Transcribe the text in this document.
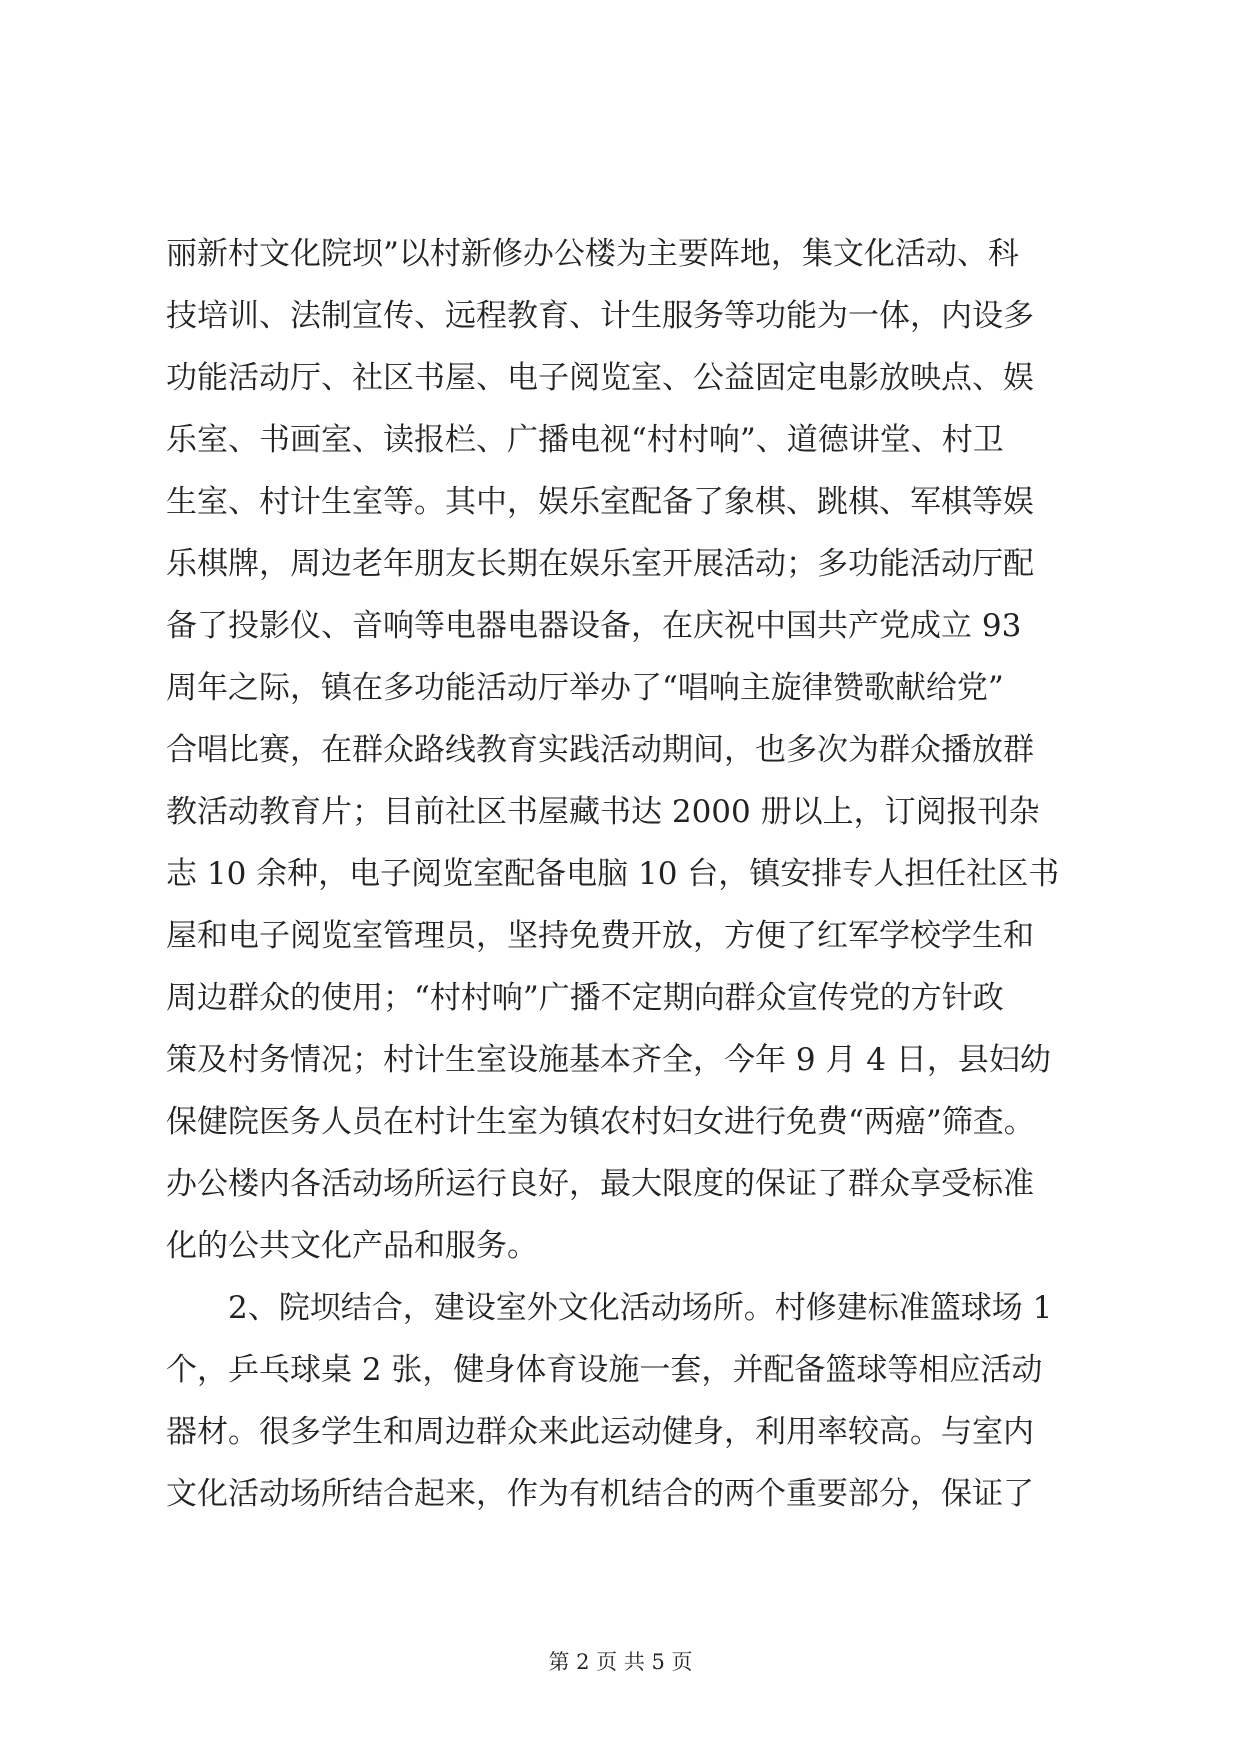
丽新村文化院坝”以村新修办公楼为主要阵地，集文化活动、科
技培训、法制宣传、远程教育、计生服务等功能为一体，内设多
功能活动厅、社区书屋、电子阅览室、公益固定电影放映点、娱
乐室、书画室、读报栏、广播电视“村村响”、道德讲堂、村卫
生室、村计生室等。其中，娱乐室配备了象棋、跳棋、军棋等娱
乐棋牌，周边老年朋友长期在娱乐室开展活动；多功能活动厅配
备了投影仪、音响等电器电器设备，在庆祝中国共产党成立 93
周年之际，镇在多功能活动厅举办了“唱响主旋律赞歌献给党”
合唱比赛，在群众路线教育实践活动期间，也多次为群众播放群
教活动教育片；目前社区书屋藏书达 2000 册以上，订阅报刊杂
志 10 余种，电子阅览室配备电脑 10 台，镇安排专人担任社区书
屋和电子阅览室管理员，坚持免费开放，方便了红军学校学生和
周边群众的使用；“村村响”广播不定期向群众宣传党的方针政
策及村务情况；村计生室设施基本齐全，今年 9 月 4 日，县妇幼
保健院医务人员在村计生室为镇农村妇女进行免费“两癌”筛查。
办公楼内各活动场所运行良好，最大限度的保证了群众享受标准
化的公共文化产品和服务。
2、院坝结合，建设室外文化活动场所。村修建标准篮球场 1
个，乒乓球桌 2 张，健身体育设施一套，并配备篮球等相应活动
器材。很多学生和周边群众来此运动健身，利用率较高。与室内
文化活动场所结合起来，作为有机结合的两个重要部分，保证了
第 2 页 共 5 页
